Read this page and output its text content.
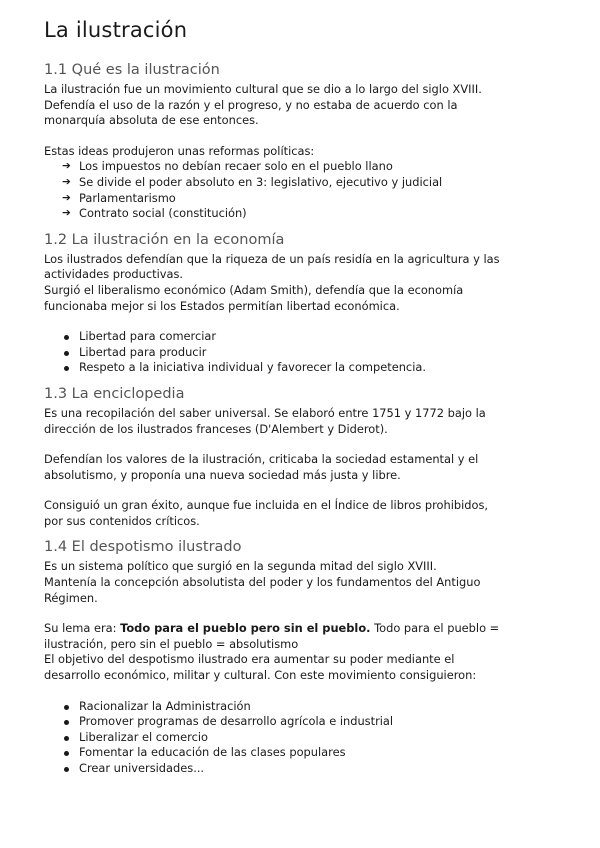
La ilustración
1.1 Qué es la ilustración

La ilustración fue un movimiento cultural que se dio a lo largo del siglo XVIII.
Defendía el uso de la razón y el progreso, y no estaba de acuerdo con la
monarquía absoluta de ese entonces.

Estas ideas produjeron unas reformas políticas:

➔ Los impuestos no debían recaer solo en el pueblo llano
➔ Se divide el poder absoluto en 3: legislativo, ejecutivo y judicial
➔ Parlamentarismo
➔ Contrato social (constitución)
1.2 La ilustración en la economía

Los ilustrados defendían que la riqueza de un país residía en la agricultura y las
actividades productivas.
Surgió el liberalismo económico (Adam Smith), defendía que la economía
funcionaba mejor si los Estados permitían libertad económica.

Libertad para comerciar
Libertad para producir
Respeto a la iniciativa individual y favorecer la competencia.
1.3 La enciclopedia

Es una recopilación del saber universal. Se elaboró entre 1751 y 1772 bajo la
dirección de los ilustrados franceses (D'Alembert y Diderot).

Defendían los valores de la ilustración, criticaba la sociedad estamental y el
absolutismo, y proponía una nueva sociedad más justa y libre.

Consiguió un gran éxito, aunque fue incluida en el Índice de libros prohibidos,
por sus contenidos críticos.

1.4 El despotismo ilustrado

Es un sistema político que surgió en la segunda mitad del siglo XVIII.
Mantenía la concepción absolutista del poder y los fundamentos del Antiguo
Régimen.

Su lema era: Todo para el pueblo pero sin el pueblo. Todo para el pueblo =
ilustración, pero sin el pueblo = absolutismo
El objetivo del despotismo ilustrado era aumentar su poder mediante el
desarrollo económico, militar y cultural. Con este movimiento consiguieron:

Racionalizar la Administración
Promover programas de desarrollo agrícola e industrial
Liberalizar el comercio
Fomentar la educación de las clases populares
Crear universidades...
